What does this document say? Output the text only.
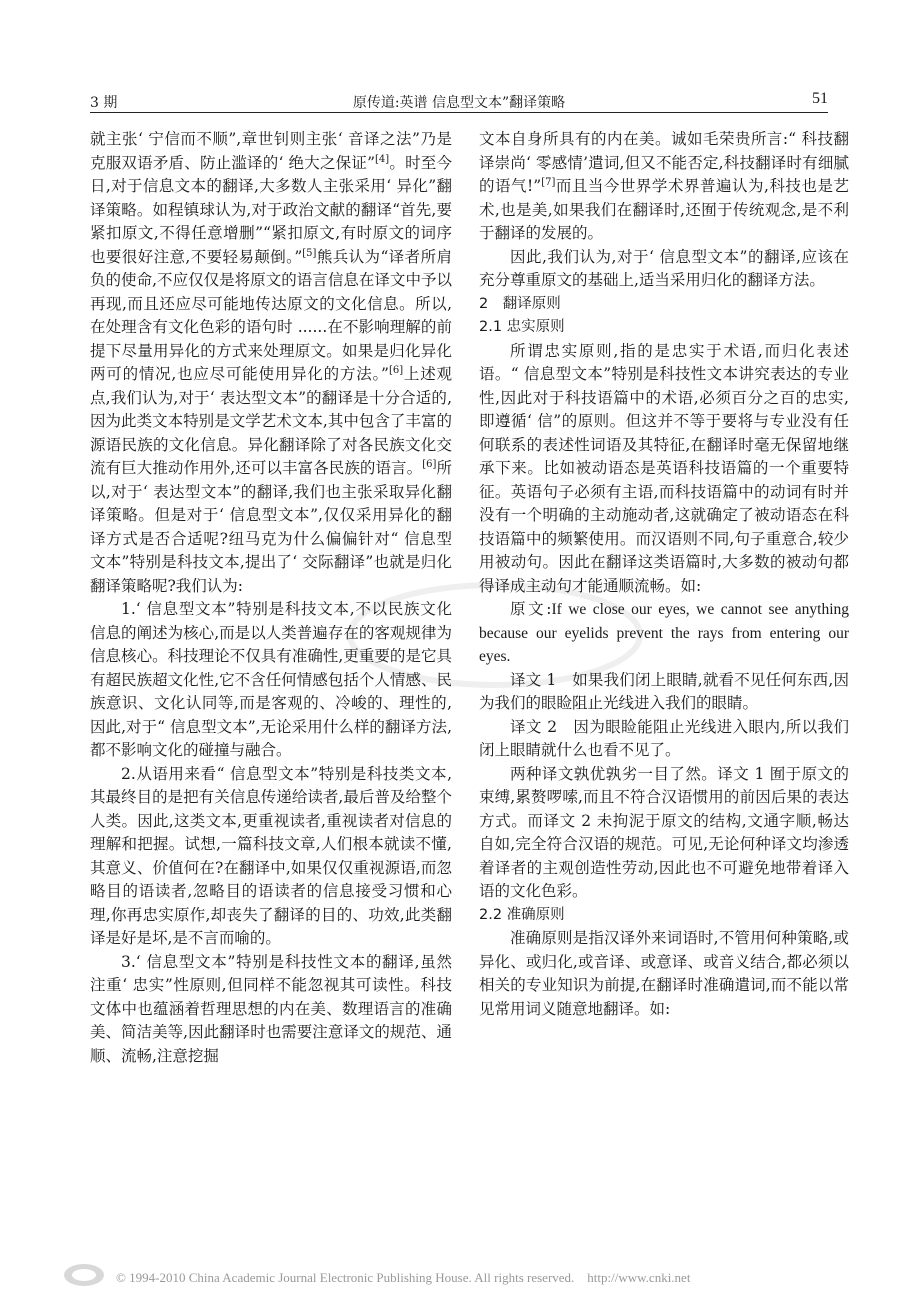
3 期	原传道:英谱 信息型文本”翻译策略	51

就主张‘ 宁信而不顺”,章世钊则主张‘ 音译之法”乃是克服双语矛盾、防止滥译的‘ 绝大之保证”[4]。时至今日,对于信息文本的翻译,大多数人主张采用‘ 异化”翻译策略。如程镇球认为,对于政治文献的翻译“首先,要紧扣原文,不得任意增删”“紧扣原文,有时原文的词序也要很好注意,不要轻易颠倒。”[5]熊兵认为“译者所肩负的使命,不应仅仅是将原文的语言信息在译文中予以再现,而且还应尽可能地传达原文的文化信息。所以,在处理含有文化色彩的语句时 ......在不影响理解的前提下尽量用异化的方式来处理原文。如果是归化异化两可的情况,也应尽可能使用异化的方法。”[6]上述观点,我们认为,对于‘ 表达型文本”的翻译是十分合适的,因为此类文本特别是文学艺术文本,其中包含了丰富的源语民族的文化信息。异化翻译除了对各民族文化交流有巨大推动作用外,还可以丰富各民族的语言。[6]所以,对于‘ 表达型文本”的翻译,我们也主张采取异化翻译策略。但是对于‘ 信息型文本”,仅仅采用异化的翻译方式是否合适呢?纽马克为什么偏偏针对“ 信息型文本”特别是科技文本,提出了‘ 交际翻译”也就是归化翻译策略呢?我们认为:

1.‘ 信息型文本”特别是科技文本,不以民族文化信息的阐述为核心,而是以人类普遍存在的客观规律为信息核心。科技理论不仅具有准确性,更重要的是它具有超民族超文化性,它不含任何情感包括个人情感、民族意识、文化认同等,而是客观的、冷峻的、理性的,因此,对于“ 信息型文本”,无论采用什么样的翻译方法,都不影响文化的碰撞与融合。

2.从语用来看“ 信息型文本”特别是科技类文本,其最终目的是把有关信息传递给读者,最后普及给整个人类。因此,这类文本,更重视读者,重视读者对信息的理解和把握。试想,一篇科技文章,人们根本就读不懂,其意义、价值何在?在翻译中,如果仅仅重视源语,而忽略目的语读者,忽略目的语读者的信息接受习惯和心理,你再忠实原作,却丧失了翻译的目的、功效,此类翻译是好是坏,是不言而喻的。

3.‘ 信息型文本”特别是科技性文本的翻译,虽然注重‘ 忠实”性原则,但同样不能忽视其可读性。科技文体中也蕴涵着哲理思想的内在美、数理语言的准确美、简洁美等,因此翻译时也需要注意译文的规范、通顺、流畅,注意挖掘

文本自身所具有的内在美。诚如毛荣贵所言:“ 科技翻译崇尚‘ 零感情’遣词,但又不能否定,科技翻译时有细腻的语气!”[7]而且当今世界学术界普遍认为,科技也是艺术,也是美,如果我们在翻译时,还囿于传统观念,是不利于翻译的发展的。

因此,我们认为,对于‘ 信息型文本”的翻译,应该在充分尊重原文的基础上,适当采用归化的翻译方法。

2　翻译原则

2.1 忠实原则

所谓忠实原则,指的是忠实于术语,而归化表述语。“ 信息型文本”特别是科技性文本讲究表达的专业性,因此对于科技语篇中的术语,必须百分之百的忠实,即遵循‘ 信”的原则。但这并不等于要将与专业没有任何联系的表述性词语及其特征,在翻译时毫无保留地继承下来。比如被动语态是英语科技语篇的一个重要特征。英语句子必须有主语,而科技语篇中的动词有时并没有一个明确的主动施动者,这就确定了被动语态在科技语篇中的频繁使用。而汉语则不同,句子重意合,较少用被动句。因此在翻译这类语篇时,大多数的被动句都得译成主动句才能通顺流畅。如:

原文:If we close our eyes, we cannot see anything because our eyelids prevent the rays from entering our eyes.

译文 1　如果我们闭上眼睛,就看不见任何东西,因为我们的眼睑阻止光线进入我们的眼睛。

译文 2　因为眼睑能阻止光线进入眼内,所以我们闭上眼睛就什么也看不见了。

两种译文孰优孰劣一目了然。译文 1 囿于原文的束缚,累赘啰嗦,而且不符合汉语惯用的前因后果的表达方式。而译文 2 未拘泥于原文的结构,文通字顺,畅达自如,完全符合汉语的规范。可见,无论何种译文均渗透着译者的主观创造性劳动,因此也不可避免地带着译入语的文化色彩。

2.2 准确原则

准确原则是指汉译外来词语时,不管用何种策略,或异化、或归化,或音译、或意译、或音义结合,都必须以相关的专业知识为前提,在翻译时准确遣词,而不能以常见常用词义随意地翻译。如:

© 1994-2010 China Academic Journal Electronic Publishing House. All rights reserved.　http://www.cnki.net
